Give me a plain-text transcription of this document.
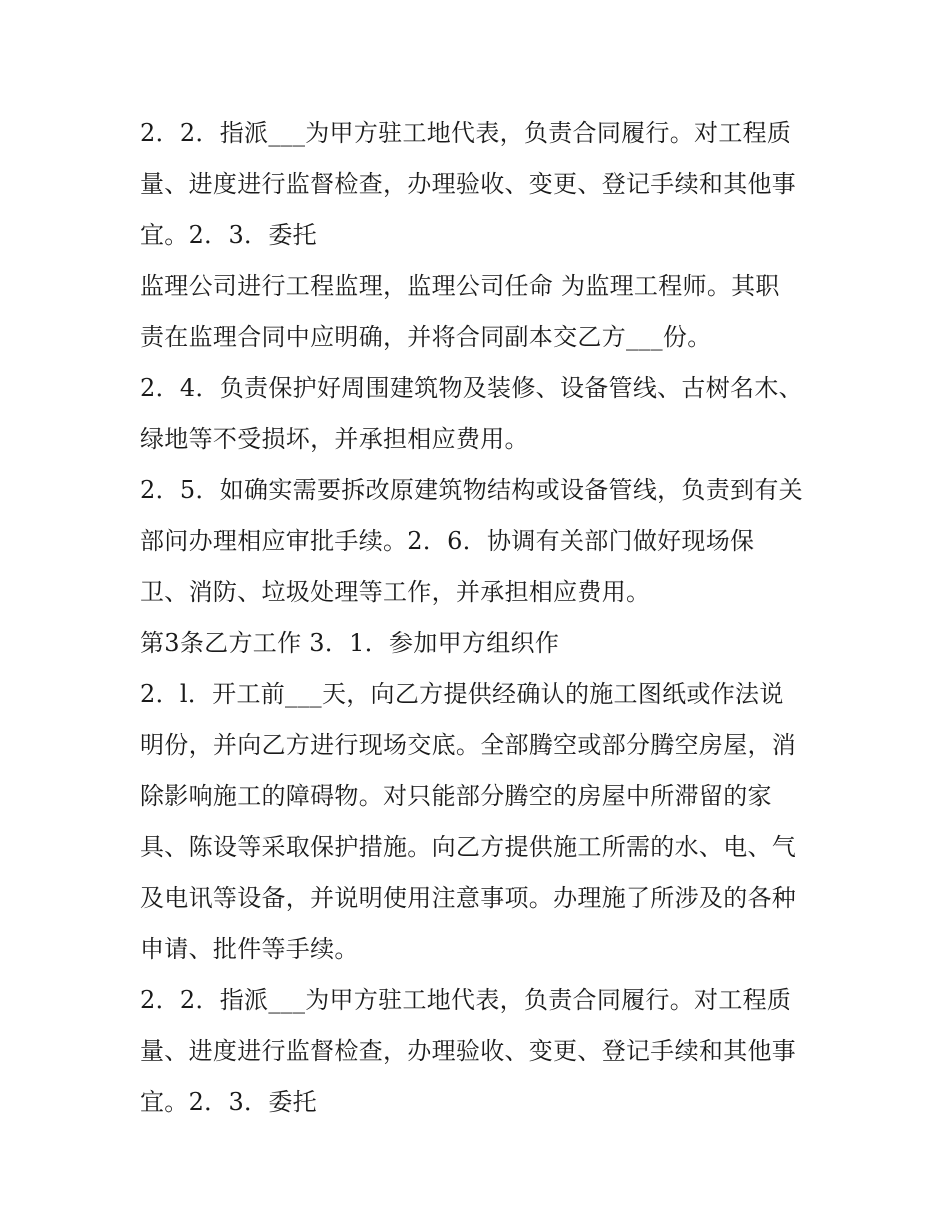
2．2．指派___为甲方驻工地代表，负责合同履行。对工程质
量、进度进行监督检查，办理验收、变更、登记手续和其他事
宜。2．3．委托
监理公司进行工程监理，监理公司任命 为监理工程师。其职
责在监理合同中应明确，并将合同副本交乙方___份。
2．4．负责保护好周围建筑物及装修、设备管线、古树名木、
绿地等不受损坏，并承担相应费用。
2．5．如确实需要拆改原建筑物结构或设备管线，负责到有关
部问办理相应审批手续。2．6．协调有关部门做好现场保
卫、消防、垃圾处理等工作，并承担相应费用。
第3条乙方工作 3．1．参加甲方组织作
2．l．开工前___天，向乙方提供经确认的施工图纸或作法说
明份，并向乙方进行现场交底。全部腾空或部分腾空房屋，消
除影响施工的障碍物。对只能部分腾空的房屋中所滞留的家
具、陈设等采取保护措施。向乙方提供施工所需的水、电、气
及电讯等设备，并说明使用注意事项。办理施了所涉及的各种
申请、批件等手续。
2．2．指派___为甲方驻工地代表，负责合同履行。对工程质
量、进度进行监督检查，办理验收、变更、登记手续和其他事
宜。2．3．委托
